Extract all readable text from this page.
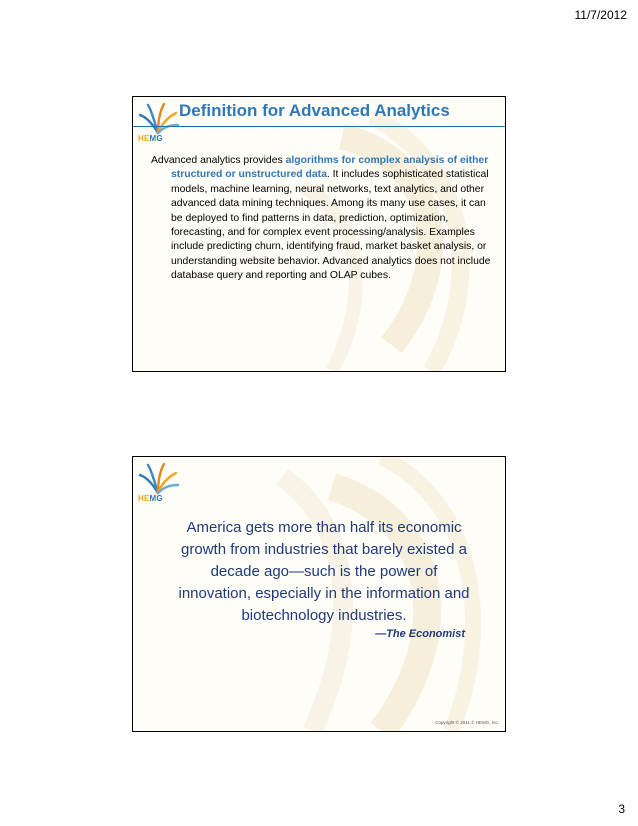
11/7/2012
HEMG
Definition for Advanced Analytics
Advanced analytics provides algorithms for complex analysis of either structured or unstructured data. It includes sophisticated statistical models, machine learning, neural networks, text analytics, and other advanced data mining techniques. Among its many use cases, it can be deployed to find patterns in data, prediction, optimization, forecasting, and for complex event processing/analysis. Examples include predicting churn, identifying fraud, market basket analysis, or understanding website behavior. Advanced analytics does not include database query and reporting and OLAP cubes.
HEMG
America gets more than half its economic growth from industries that barely existed a decade ago—such is the power of innovation, especially in the information and biotechnology industries.
—The Economist
Copyright © 2011 © HEMG, Inc.
3
